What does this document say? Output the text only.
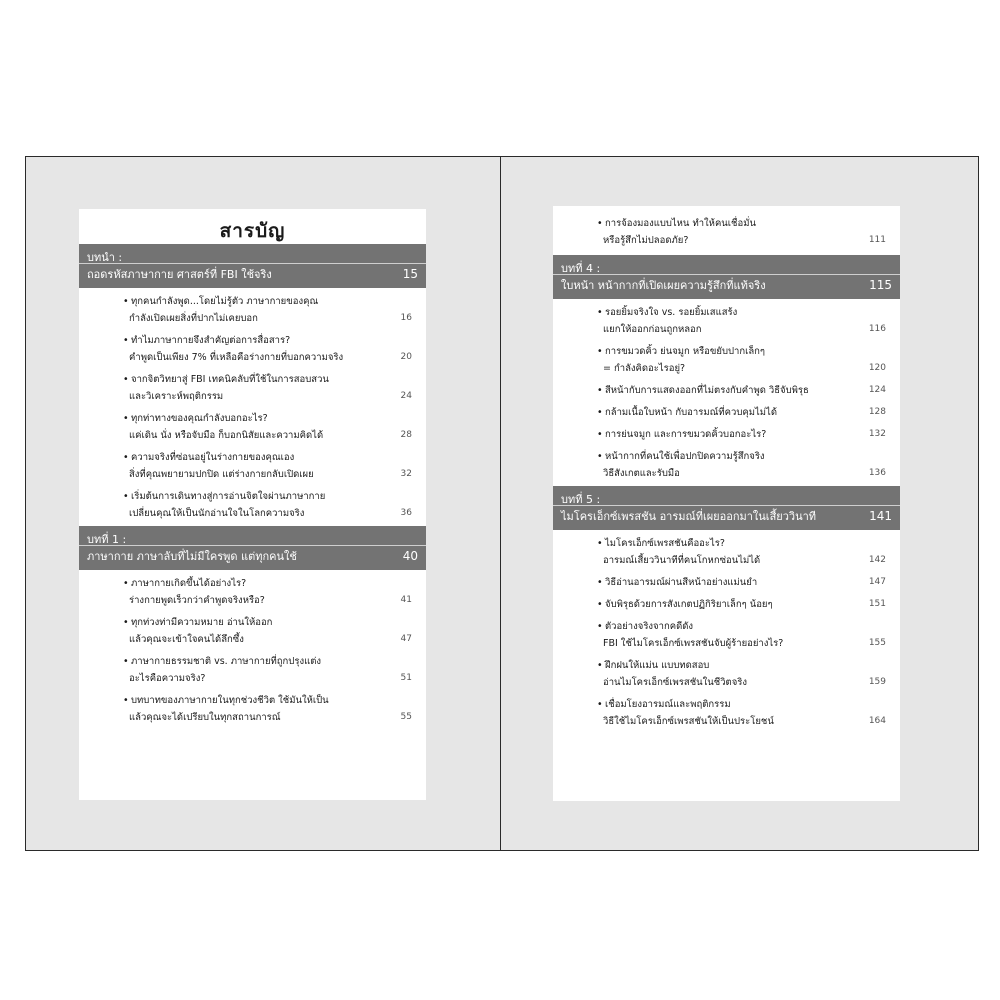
สารบัญ
บทนำ :
ถอดรหัสภาษากาย ศาสตร์ที่ FBI ใช้จริง	15
• ทุกคนกำลังพูด...โดยไม่รู้ตัว ภาษากายของคุณ
กำลังเปิดเผยสิ่งที่ปากไม่เคยบอก	16
• ทำไมภาษากายจึงสำคัญต่อการสื่อสาร?
คำพูดเป็นเพียง 7% ที่เหลือคือร่างกายที่บอกความจริง	20
• จากจิตวิทยาสู่ FBI เทคนิคลับที่ใช้ในการสอบสวน
และวิเคราะห์พฤติกรรม	24
• ทุกท่าทางของคุณกำลังบอกอะไร?
แค่เดิน นั่ง หรือจับมือ ก็บอกนิสัยและความคิดได้	28
• ความจริงที่ซ่อนอยู่ในร่างกายของคุณเอง
สิ่งที่คุณพยายามปกปิด แต่ร่างกายกลับเปิดเผย	32
• เริ่มต้นการเดินทางสู่การอ่านจิตใจผ่านภาษากาย
เปลี่ยนคุณให้เป็นนักอ่านใจในโลกความจริง	36
บทที่ 1 :
ภาษากาย ภาษาลับที่ไม่มีใครพูด แต่ทุกคนใช้	40
• ภาษากายเกิดขึ้นได้อย่างไร?
ร่างกายพูดเร็วกว่าคำพูดจริงหรือ?	41
• ทุกท่วงท่ามีความหมาย อ่านให้ออก
แล้วคุณจะเข้าใจคนได้ลึกซึ้ง	47
• ภาษากายธรรมชาติ vs. ภาษากายที่ถูกปรุงแต่ง
อะไรคือความจริง?	51
• บทบาทของภาษากายในทุกช่วงชีวิต ใช้มันให้เป็น
แล้วคุณจะได้เปรียบในทุกสถานการณ์	55
• การจ้องมองแบบไหน ทำให้คนเชื่อมั่น
หรือรู้สึกไม่ปลอดภัย?	111
บทที่ 4 :
ใบหน้า หน้ากากที่เปิดเผยความรู้สึกที่แท้จริง	115
• รอยยิ้มจริงใจ vs. รอยยิ้มเสแสร้ง
แยกให้ออกก่อนถูกหลอก	116
• การขมวดคิ้ว ย่นจมูก หรือขยับปากเล็กๆ
= กำลังคิดอะไรอยู่?	120
• สีหน้ากับการแสดงออกที่ไม่ตรงกับคำพูด วิธีจับพิรุธ	124
• กล้ามเนื้อใบหน้า กับอารมณ์ที่ควบคุมไม่ได้	128
• การย่นจมูก และการขมวดคิ้วบอกอะไร?	132
• หน้ากากที่คนใช้เพื่อปกปิดความรู้สึกจริง
วิธีสังเกตและรับมือ	136
บทที่ 5 :
ไมโครเอ็กซ์เพรสชัน อารมณ์ที่เผยออกมาในเสี้ยววินาที	141
• ไมโครเอ็กซ์เพรสชันคืออะไร?
อารมณ์เสี้ยววินาทีที่คนโกหกซ่อนไม่ได้	142
• วิธีอ่านอารมณ์ผ่านสีหน้าอย่างแม่นยำ	147
• จับพิรุธด้วยการสังเกตปฏิกิริยาเล็กๆ น้อยๆ	151
• ตัวอย่างจริงจากคดีดัง
FBI ใช้ไมโครเอ็กซ์เพรสชันจับผู้ร้ายอย่างไร?	155
• ฝึกฝนให้แม่น แบบทดสอบ
อ่านไมโครเอ็กซ์เพรสชันในชีวิตจริง	159
• เชื่อมโยงอารมณ์และพฤติกรรม
วิธีใช้ไมโครเอ็กซ์เพรสชันให้เป็นประโยชน์	164
